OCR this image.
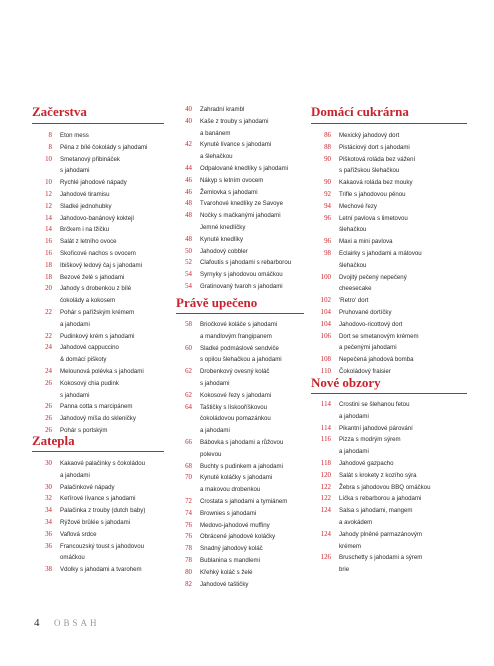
Začerstva
8	Eton mess
8	Pěna z bílé čokolády s jahodami
10	Smetanový přibináček
s jahodami
10	Rychlé jahodové nápady
12	Jahodové tiramisu
12	Sladké jednohubky
14	Jahodovo-banánový koktejl
14	Brčkem i na lžičku
16	Salát z letního ovoce
16	Skořicové nachos s ovocem
18	Ibiškový ledový čaj s jahodami
18	Bezové želé s jahodami
20	Jahody s drobenkou z bílé
čokolády a kokosem
22	Pohár s pařížským krémem
a jahodami
22	Pudinkový krém s jahodami
24	Jahodové cappuccino
& domácí piškoty
24	Melounová polévka s jahodami
26	Kokosový chia pudink
s jahodami
26	Panna cotta s marcipánem
26	Jahodový míša do skleničky
26	Pohár s portským
Zatepla
30	Kakaové palačinky s čokoládou
a jahodami
30	Palačinkové nápady
32	Keťírové lívance s jahodami
34	Palačinka z trouby (dutch baby)
34	Rýžové brûlée s jahodami
36	Vaflová srdce
36	Francouzský toust s jahodovou
omáčkou
38	Vdolky s jahodami a tvarohem
40	Zahradní krambl
40	Kaše z trouby s jahodami
a banánem
42	Kynuté lívance s jahodami
a šlehačkou
44	Odpalované knedlíky s jahodami
46	Nákyp s letním ovocem
46	Žemlovka s jahodami
48	Tvarohové knedlíky ze Savoye
48	Nočky s mačkanými jahodami
Jemné knedlíčky
48	Kynuté knedlíky
50	Jahodový cobbler
52	Clafoutis s jahodami s rebarborou
54	Syrnyky s jahodovou omáčkou
54	Gratinovaný tvaroh s jahodami
Právě upečeno
58	Briočkové koláče s jahodami
a mandlovým frangipanem
60	Sladké podmáslové sendviče
s opilou šlehačkou a jahodami
62	Drobenkový ovesný koláč
s jahodami
62	Kokosové řezy s jahodami
64	Taštičky s lískooříškovou
čokoládovou pomazánkou
a jahodami
66	Bábovka s jahodami a růžovou
polevou
68	Buchty s pudinkem a jahodami
70	Kynuté koláčky s jahodami
a makovou drobenkou
72	Crostata s jahodami a tymiánem
74	Brownies s jahodami
76	Medovo-jahodové muffiny
76	Obrácené jahodové koláčky
78	Snadný jahodový koláč
78	Bublanina s mandlemi
80	Křehký koláč s želé
82	Jahodové taštičky
Domácí cukrárna
86	Mexický jahodový dort
88	Pistáciový dort s jahodami
90	Piškotová roláda bez vážení
s pařížskou šlehačkou
90	Kakaová roláda bez mouky
92	Trifle s jahodovou pěnou
94	Mechové řezy
96	Letní pavlova s limetovou
šlehačkou
96	Maxi a mini pavlova
98	Eclairky s jahodami a mátovou
šlehačkou
100	Dvojitý pečený nepečený
cheesecake
102	'Retro' dort
104	Pruhované dortíčky
104	Jahodovo-ricottový dort
106	Dort se smetanovým krémem
a pečenými jahodami
108	Nepečená jahodová bomba
110	Čokoládový fraisier
Nové obzory
114	Crostini se šlehanou fetou
a jahodami
114	Pikantní jahodové párování
116	Pizza s modrým sýrem
a jahodami
118	Jahodové gazpacho
120	Salát s krokety z kozího sýra
122	Žebra s jahodovou BBQ omáčkou
122	Líčka s rebarborou a jahodami
124	Salsa s jahodami, mangem
a avokádem
124	Jahody plněné parmazánovým
krémem
126	Bruschetty s jahodami a sýrem
brie
4 OBSAH
